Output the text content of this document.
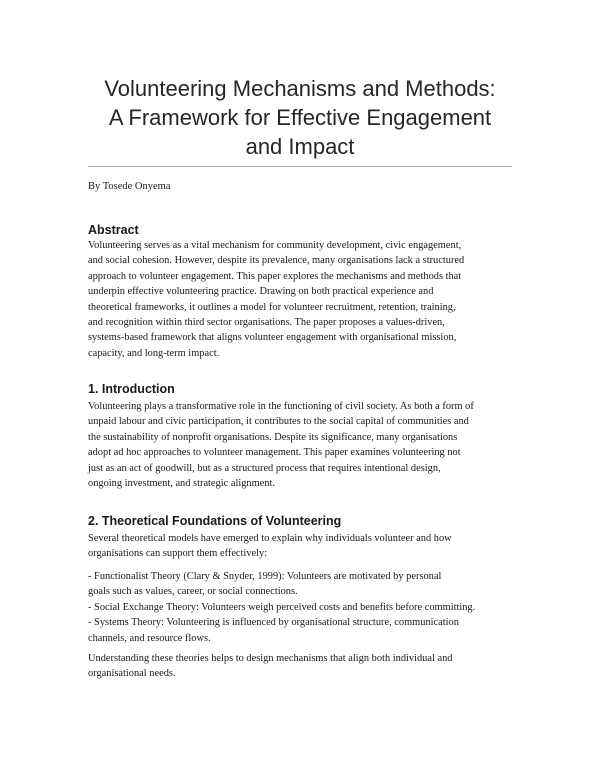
Volunteering Mechanisms and Methods:
A Framework for Effective Engagement
and Impact

By Tosede Onyema

Abstract

Volunteering serves as a vital mechanism for community development, civic engagement,
and social cohesion. However, despite its prevalence, many organisations lack a structured
approach to volunteer engagement. This paper explores the mechanisms and methods that
underpin effective volunteering practice. Drawing on both practical experience and
theoretical frameworks, it outlines a model for volunteer recruitment, retention, training,
and recognition within third sector organisations. The paper proposes a values-driven,
systems-based framework that aligns volunteer engagement with organisational mission,
capacity, and long-term impact.

1. Introduction

Volunteering plays a transformative role in the functioning of civil society. As both a form of
unpaid labour and civic participation, it contributes to the social capital of communities and
the sustainability of nonprofit organisations. Despite its significance, many organisations
adopt ad hoc approaches to volunteer management. This paper examines volunteering not
just as an act of goodwill, but as a structured process that requires intentional design,
ongoing investment, and strategic alignment.

2. Theoretical Foundations of Volunteering

Several theoretical models have emerged to explain why individuals volunteer and how
organisations can support them effectively:

- Functionalist Theory (Clary & Snyder, 1999): Volunteers are motivated by personal
goals such as values, career, or social connections.
- Social Exchange Theory: Volunteers weigh perceived costs and benefits before committing.
- Systems Theory: Volunteering is influenced by organisational structure, communication
channels, and resource flows.

Understanding these theories helps to design mechanisms that align both individual and
organisational needs.
